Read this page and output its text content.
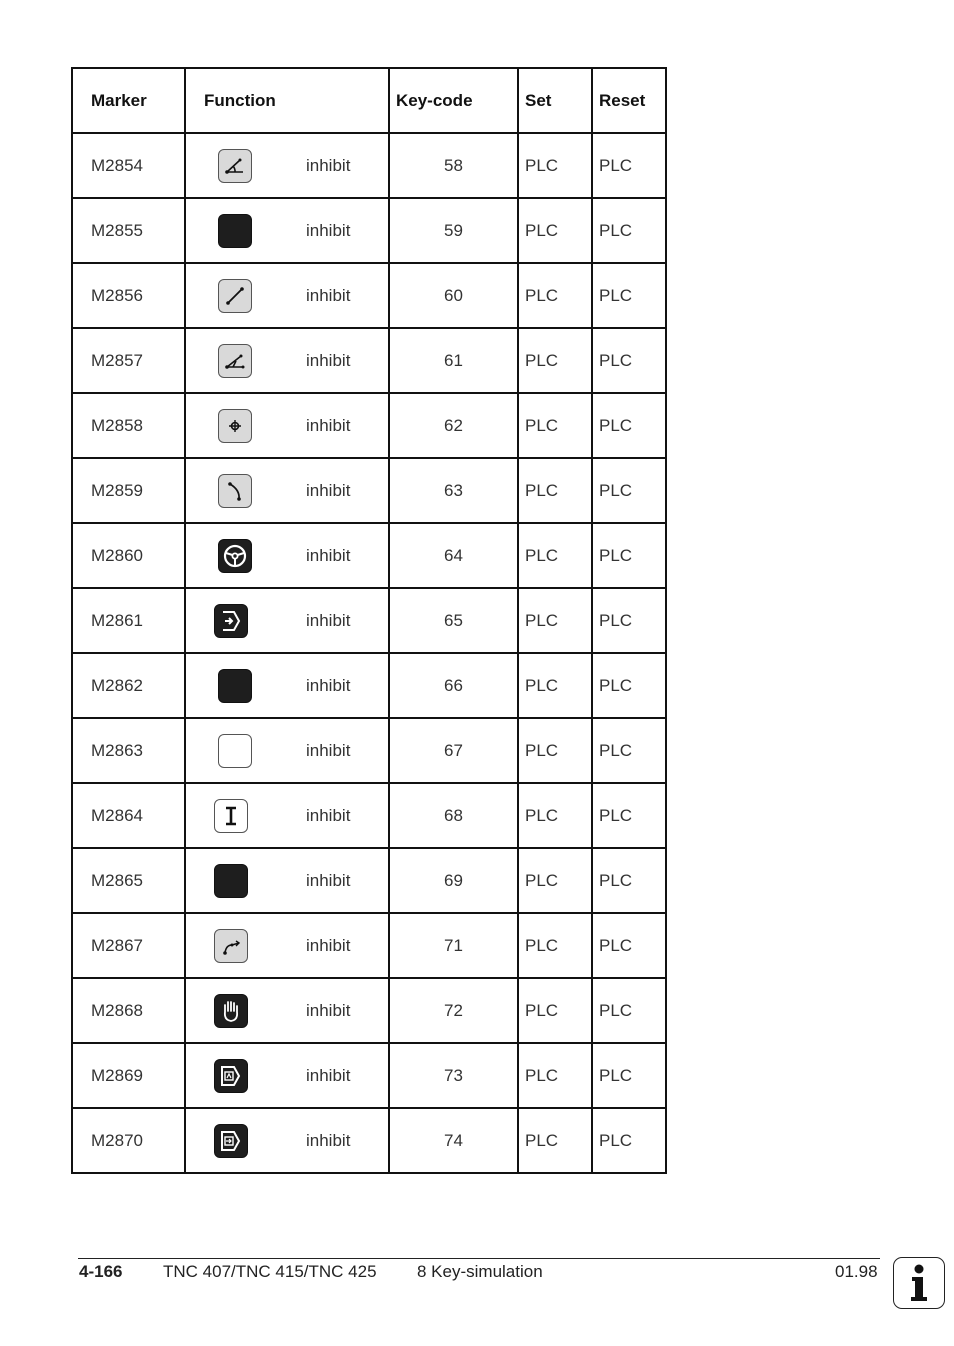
Marker	Function	Key-code	Set	Reset
M2854	inhibit	58	PLC	PLC
M2855	inhibit	59	PLC	PLC
M2856	inhibit	60	PLC	PLC
M2857	inhibit	61	PLC	PLC
M2858	inhibit	62	PLC	PLC
M2859	inhibit	63	PLC	PLC
M2860	inhibit	64	PLC	PLC
M2861	inhibit	65	PLC	PLC
M2862	inhibit	66	PLC	PLC
M2863	inhibit	67	PLC	PLC
M2864	inhibit	68	PLC	PLC
M2865	inhibit	69	PLC	PLC
M2867	inhibit	71	PLC	PLC
M2868	inhibit	72	PLC	PLC
M2869	inhibit	73	PLC	PLC
M2870	inhibit	74	PLC	PLC
4-166 TNC 407/TNC 415/TNC 425 8 Key-simulation	01.98
